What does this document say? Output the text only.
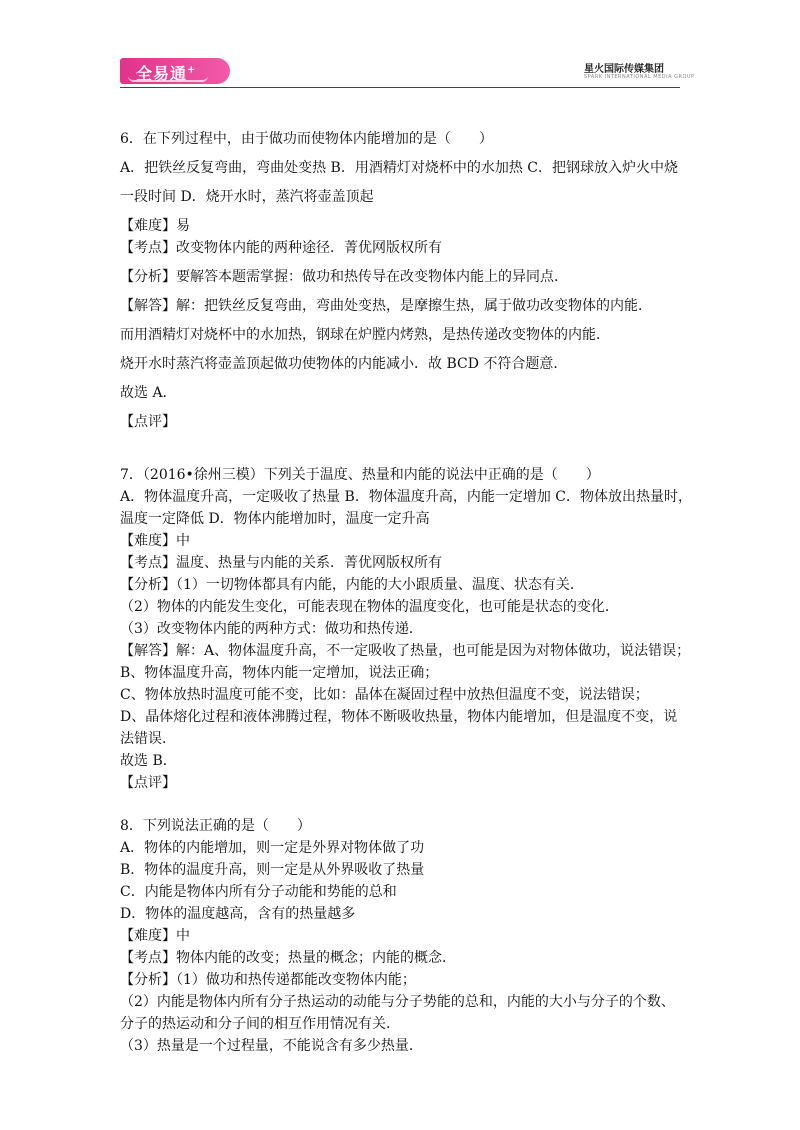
全易通+	星火国际传媒集团
SPARK INTERNATIONAL MEDIA GROUP
6．在下列过程中，由于做功而使物体内能增加的是（　　）
A．把铁丝反复弯曲，弯曲处变热 B．用酒精灯对烧杯中的水加热 C．把钢球放入炉火中烧
一段时间 D．烧开水时，蒸汽将壶盖顶起
【难度】易
【考点】改变物体内能的两种途径．菁优网版权所有
【分析】要解答本题需掌握：做功和热传导在改变物体内能上的异同点．
【解答】解：把铁丝反复弯曲，弯曲处变热，是摩擦生热，属于做功改变物体的内能．
而用酒精灯对烧杯中的水加热，钢球在炉膛内烤熟，是热传递改变物体的内能．
烧开水时蒸汽将壶盖顶起做功使物体的内能减小．故 BCD 不符合题意．
故选 A．
【点评】
7．（2016•徐州三模）下列关于温度、热量和内能的说法中正确的是（　　）
A．物体温度升高，一定吸收了热量 B．物体温度升高，内能一定增加 C．物体放出热量时，
温度一定降低 D．物体内能增加时，温度一定升高
【难度】中
【考点】温度、热量与内能的关系．菁优网版权所有
【分析】（1）一切物体都具有内能，内能的大小跟质量、温度、状态有关．
（2）物体的内能发生变化，可能表现在物体的温度变化，也可能是状态的变化．
（3）改变物体内能的两种方式：做功和热传递．
【解答】解：A、物体温度升高，不一定吸收了热量，也可能是因为对物体做功，说法错误；
B、物体温度升高，物体内能一定增加，说法正确；
C、物体放热时温度可能不变，比如：晶体在凝固过程中放热但温度不变，说法错误；
D、晶体熔化过程和液体沸腾过程，物体不断吸收热量，物体内能增加，但是温度不变，说
法错误．
故选 B．
【点评】
8．下列说法正确的是（　　）
A．物体的内能增加，则一定是外界对物体做了功
B．物体的温度升高，则一定是从外界吸收了热量
C．内能是物体内所有分子动能和势能的总和
D．物体的温度越高，含有的热量越多
【难度】中
【考点】物体内能的改变；热量的概念；内能的概念．
【分析】（1）做功和热传递都能改变物体内能；
（2）内能是物体内所有分子热运动的动能与分子势能的总和，内能的大小与分子的个数、
分子的热运动和分子间的相互作用情况有关．
（3）热量是一个过程量，不能说含有多少热量．
